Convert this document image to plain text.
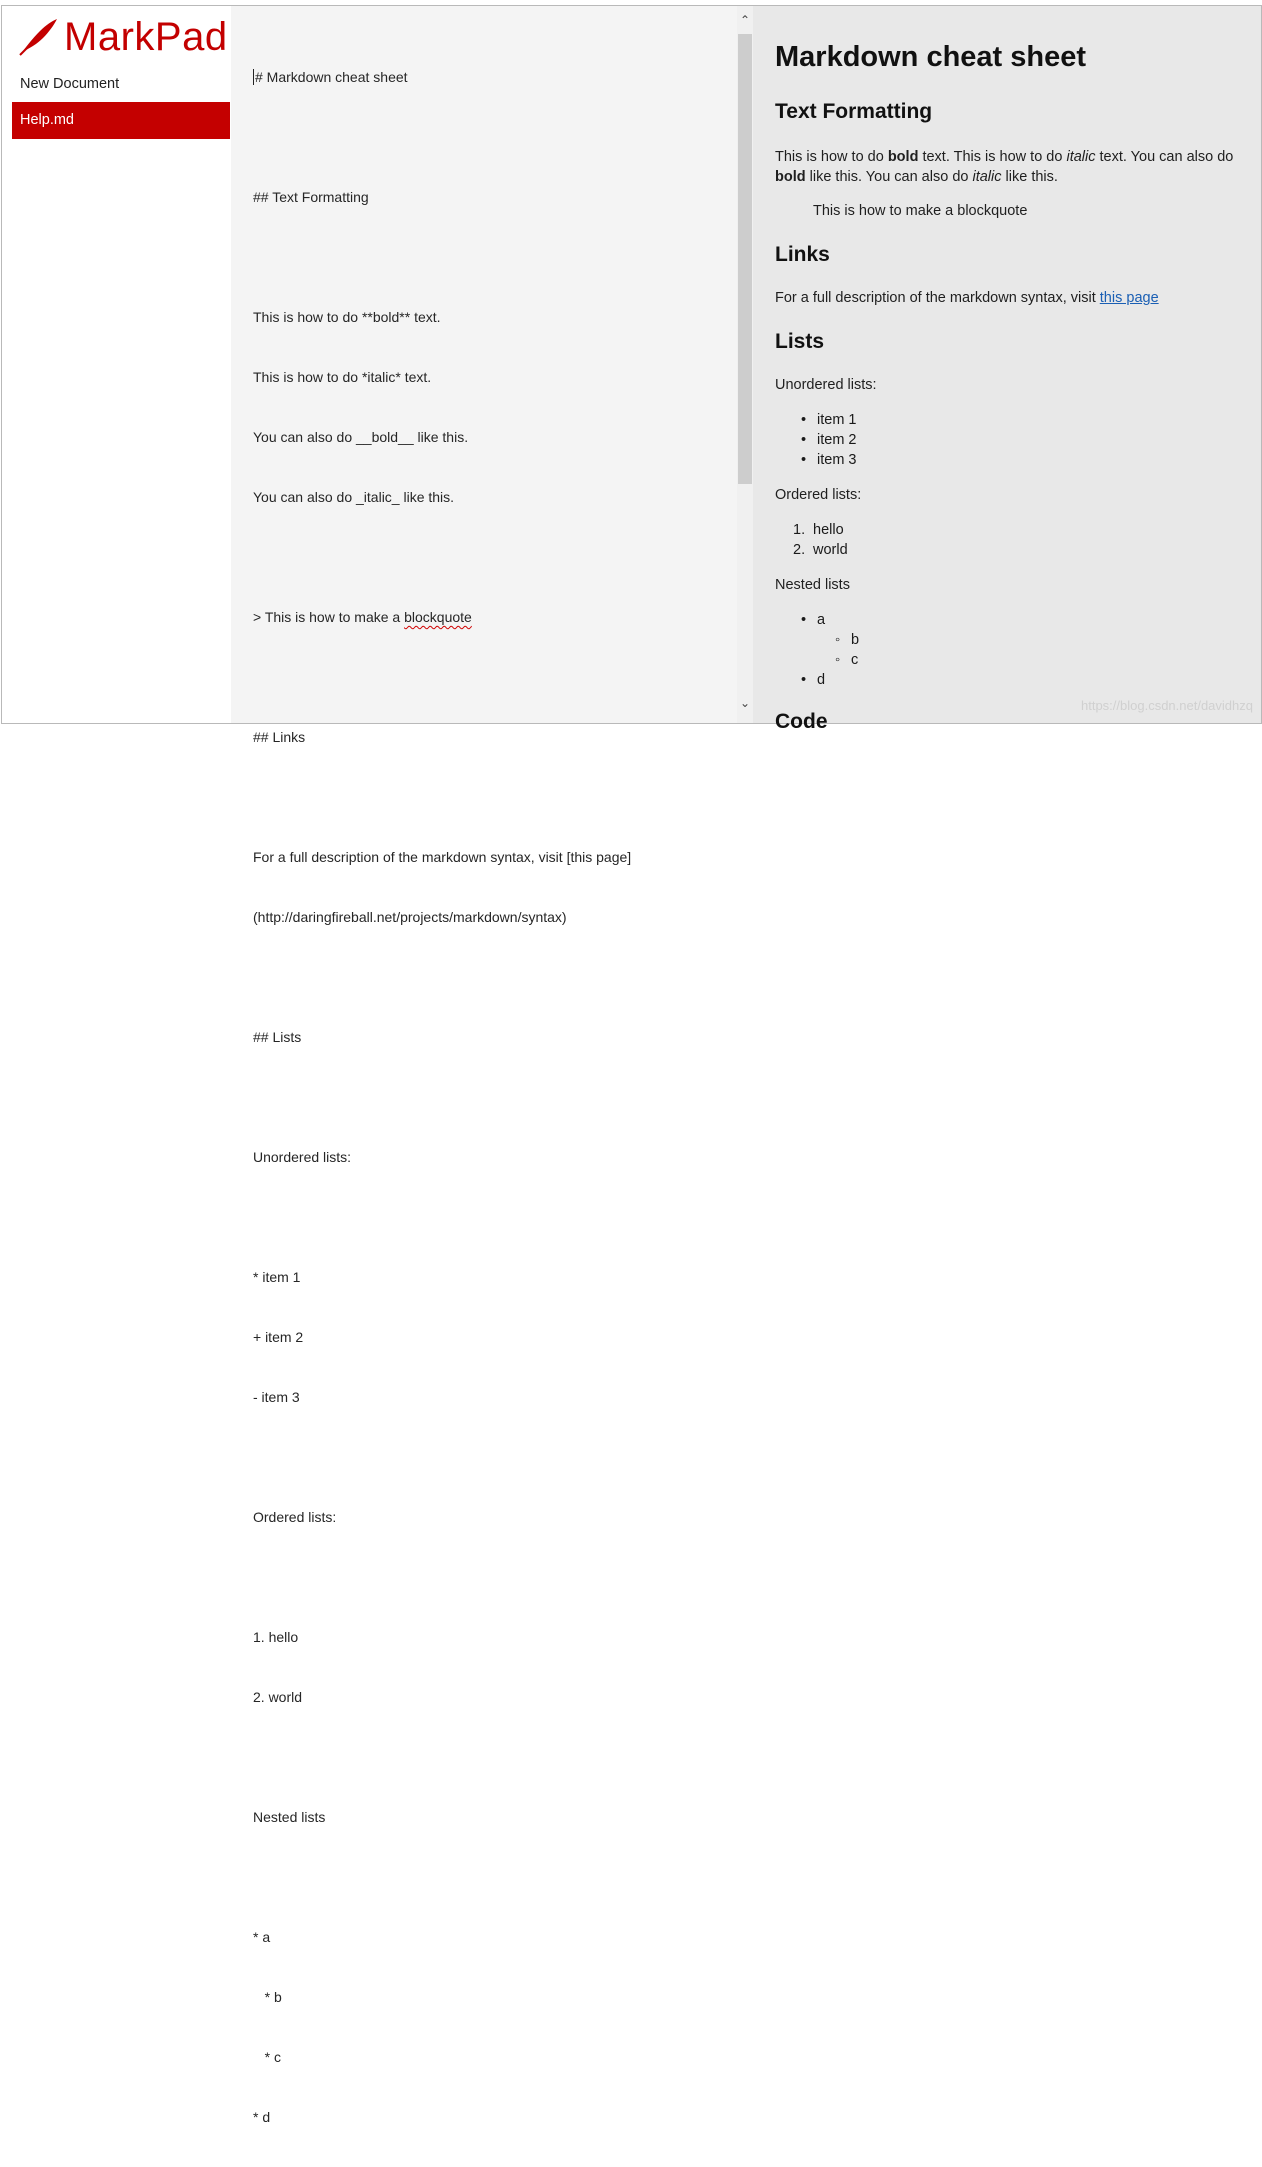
MarkPad
New Document
Help.md

# Markdown cheat sheet

## Text Formatting

This is how to do **bold** text.

This is how to do *italic* text.

You can also do __bold__ like this.

You can also do _italic_ like this.

> This is how to make a blockquote

## Links

For a full description of the markdown syntax, visit [this page]

(http://daringfireball.net/projects/markdown/syntax)

## Lists

Unordered lists:

* item 1

+ item 2

- item 3

Ordered lists:

1. hello

2. world

Nested lists

* a

* b

* c

* d

⌃
⌄
Markdown cheat sheet
Text Formatting
This is how to do bold text. This is how to do italic text. You can also do
bold like this. You can also do italic like this.
This is how to make a blockquote
Links
For a full description of the markdown syntax, visit this page
Lists
Unordered lists:
• item 1
• item 2
• item 3
Ordered lists:
1. hello
2. world
Nested lists
• a
◦ b
◦ c
• d
Code
https://blog.csdn.net/davidhzq
